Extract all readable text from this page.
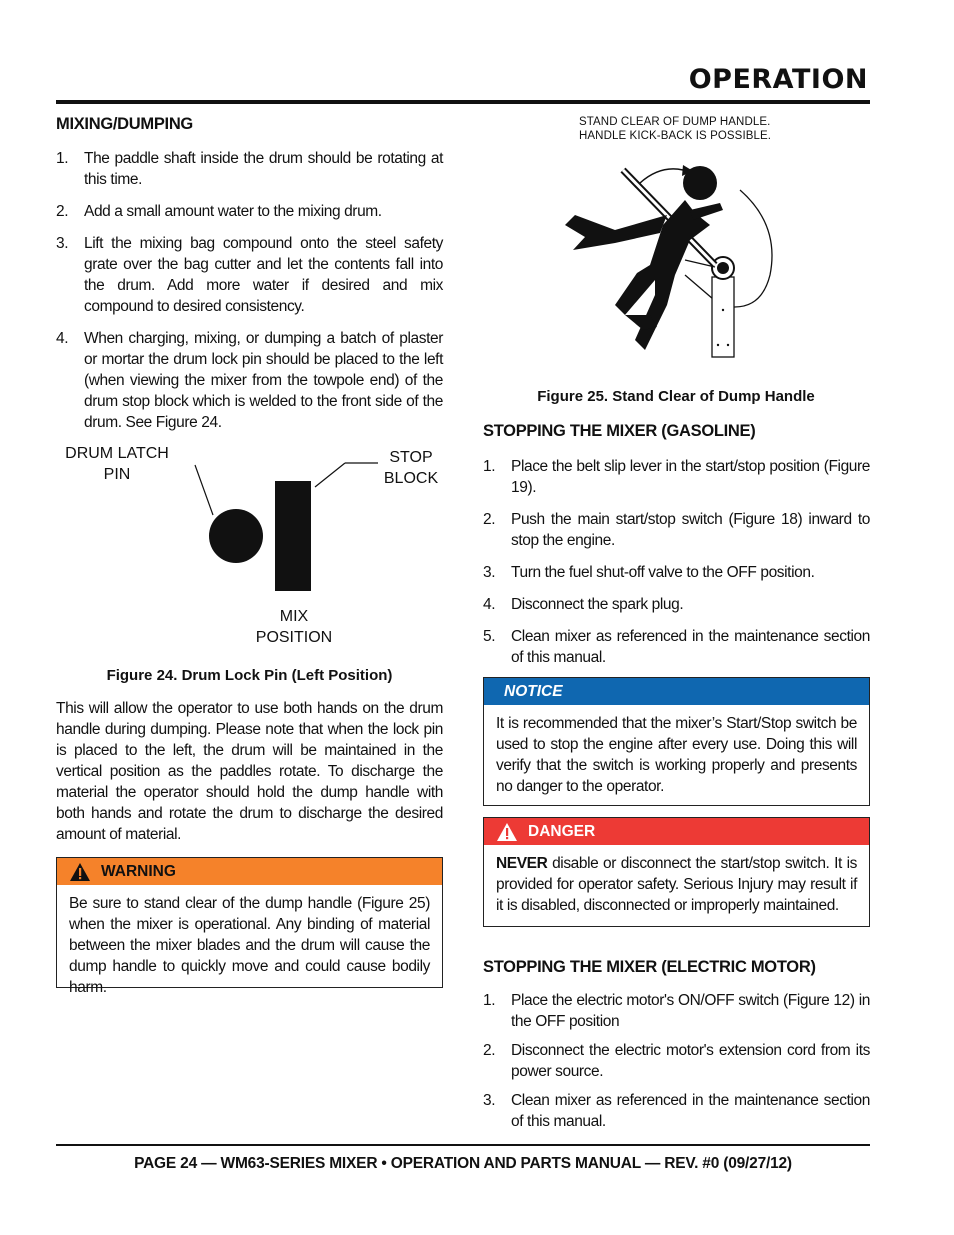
OPERATION
MIXING/DUMPING
1. The paddle shaft inside the drum should be rotating at this time.
2. Add a small amount water to the mixing drum.
3. Lift the mixing bag compound onto the steel safety grate over the bag cutter and let the contents fall into the drum. Add more water if desired and mix compound to desired consistency.
4. When charging, mixing, or dumping a batch of plaster or mortar the drum lock pin should be placed to the left (when viewing the mixer from the towpole end) of the drum stop block which is welded to the front side of the drum. See Figure 24.
DRUM LATCH
PIN
STOP
BLOCK
MIX
POSITION
Figure 24. Drum Lock Pin (Left Position)

This will allow the operator to use both hands on the drum handle during dumping. Please note that when the lock pin is placed to the left, the drum will be maintained in the vertical position as the paddles rotate. To discharge the material the operator should hold the dump handle with both hands and rotate the drum to discharge the desired amount of material.

WARNING
Be sure to stand clear of the dump handle (Figure 25) when the mixer is operational. Any binding of material between the mixer blades and the drum will cause the dump handle to quickly move and could cause bodily harm.
STAND CLEAR OF DUMP HANDLE.
HANDLE KICK-BACK IS POSSIBLE.
Figure 25. Stand Clear of Dump Handle
STOPPING THE MIXER (GASOLINE)
1. Place the belt slip lever in the start/stop position (Figure 19).
2. Push the main start/stop switch (Figure 18) inward to stop the engine.
3. Turn the fuel shut-off valve to the OFF position.
4. Disconnect the spark plug.
5. Clean mixer as referenced in the maintenance section of this manual.
NOTICE
It is recommended that the mixer’s Start/Stop switch be used to stop the engine after every use. Doing this will verify that the switch is working properly and presents no danger to the operator.
DANGER
NEVER disable or disconnect the start/stop switch. It is provided for operator safety. Serious Injury may result if it is disabled, disconnected or improperly maintained.
STOPPING THE MIXER (ELECTRIC MOTOR)
1. Place the electric motor's ON/OFF switch (Figure 12) in the OFF position
2. Disconnect the electric motor's extension cord from its power source.
3. Clean mixer as referenced in the maintenance section of this manual.
PAGE 24 — WM63-SERIES MIXER • OPERATION AND PARTS MANUAL — REV. #0 (09/27/12)
